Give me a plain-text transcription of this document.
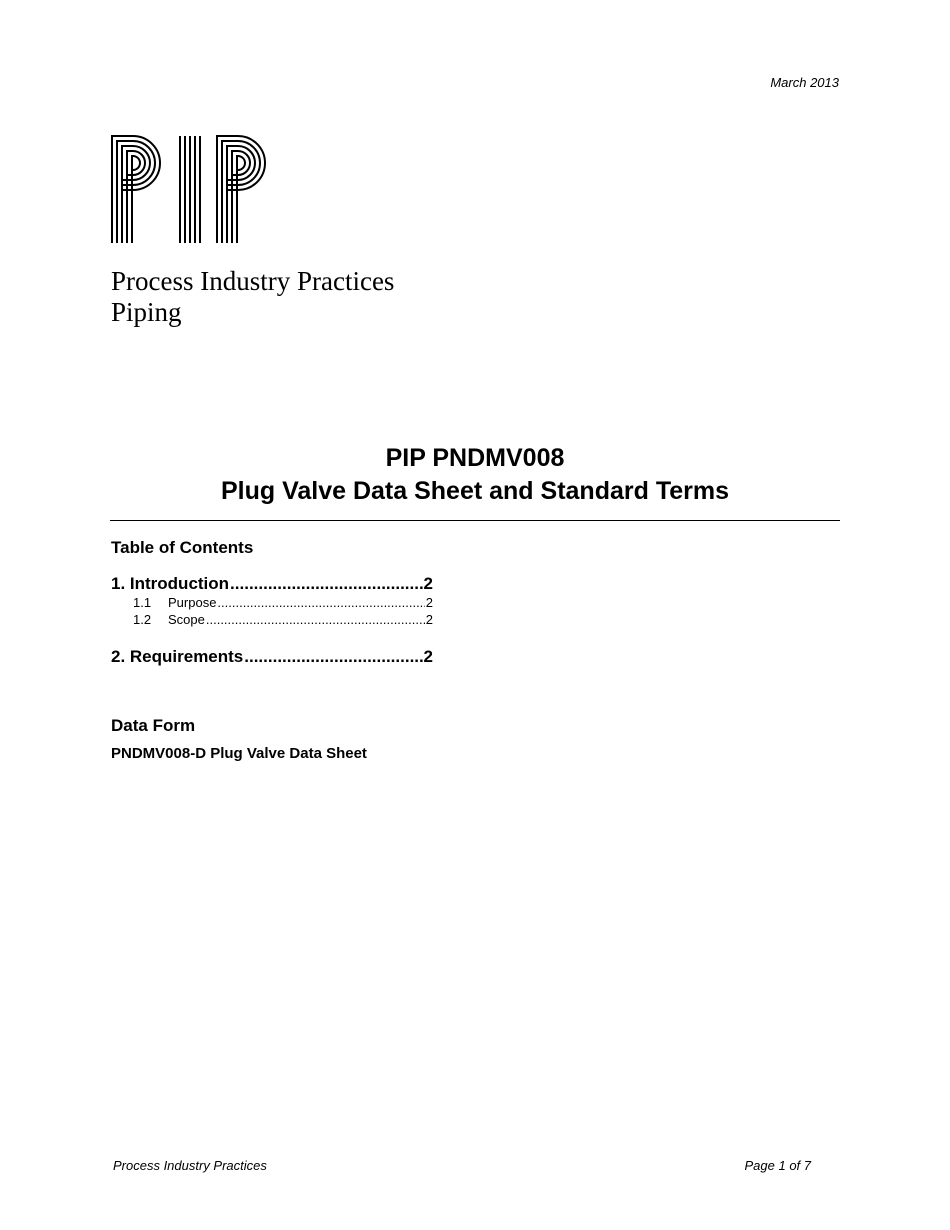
March 2013
Process Industry Practices
Piping
PIP PNDMV008
Plug Valve Data Sheet and Standard Terms
Table of Contents
1. Introduction .....	2
1.1	Purpose .....	2
1.2	Scope .....	2
2. Requirements .....	2
Data Form
PNDMV008-D Plug Valve Data Sheet
Process Industry Practices	Page 1 of 7
